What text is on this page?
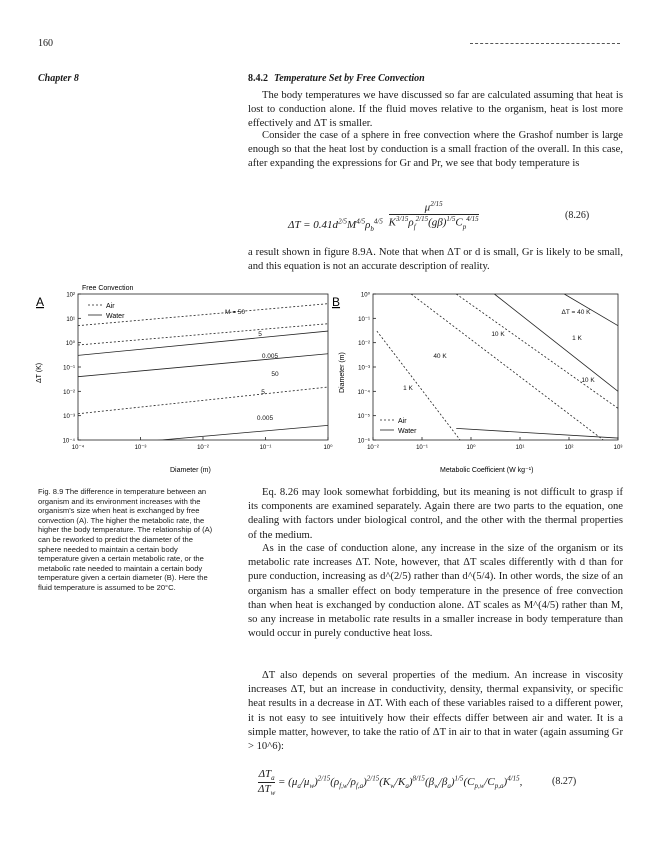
160
Chapter 8	8.4.2 Temperature Set by Free Convection

The body temperatures we have discussed so far are calculated assuming that heat is lost to conduction alone. If the fluid moves relative to the organism, heat is lost more effectively and ΔT is smaller.

Consider the case of a sphere in free convection where the Grashof number is large enough so that the heat lost by conduction is a small fraction of the overall. In this case, after expanding the expressions for Gr and Pr, we see that body temperature is

$\Delta T = 0.41d^{2/5}M^{4/5}\rho_b^{4/5} \frac{\mu^{2/15}}{K^{3/15}\rho_f^{2/15}(g\beta)^{1/5}C_p^{4/15}}$	(8.26)

a result shown in figure 8.9A. Note that when ΔT or d is small, Gr is likely to be small, and this equation is not an accurate description of reality.

A
Free Convection
10²
10¹
10⁰
10⁻¹
10⁻²
10⁻³
10⁻⁴
10⁻⁴	10⁻³	10⁻²	10⁻¹	10⁰
M = 50
5
0.005
50
5
0.005
ΔT (K)
Diameter (m)
Air
Water
B	10⁰
10⁻¹
10⁻²
10⁻³
10⁻⁴
10⁻⁵
10⁻⁶
10⁻²	10⁻¹	10⁰	10¹	10²	10³
ΔT = 40 K
10 K
1 K
40 K
10 K
1 K
Diameter (m)
Metabolic Coefficient (W kg⁻¹)
Air
Water
Fig. 8.9 The difference in temperature between an organism and its environment increases with the organism's size when heat is exchanged by free convection (A). The higher the metabolic rate, the higher the body temperature. The relationship of (A) can be reworked to predict the diameter of the sphere needed to maintain a certain body temperature given a certain metabolic rate, or the metabolic rate needed to maintain a certain body temperature given a certain diameter (B). Here the fluid temperature is assumed to be 20°C.

Eq. 8.26 may look somewhat forbidding, but its meaning is not difficult to grasp if its components are examined separately. Again there are two parts to the equation, one dealing with factors under biological control, and the other with the thermal properties of the medium.

As in the case of conduction alone, any increase in the size of the organism or its metabolic rate increases ΔT. Note, however, that ΔT scales differently with d than for pure conduction, increasing as d^(2/5) rather than d^(5/4). In other words, the size of an organism has a smaller effect on body temperature in the presence of free convection than when heat is exchanged by conduction alone. ΔT scales as M^(4/5) rather than M, so any increase in metabolic rate results in a smaller increase in body temperature than would occur in purely conductive heat loss.

ΔT also depends on several properties of the medium. An increase in viscosity increases ΔT, but an increase in conductivity, density, thermal expansivity, or specific heat results in a decrease in ΔT. With each of these variables raised to a different power, it is not easy to see intuitively how their effects differ between air and water. It is a simple matter, however, to take the ratio of ΔT in air to that in water (again assuming Gr > 10^6):

$\Delta T_a$
$\Delta T_w$
= $(\mu_a/\mu_w)^{2/15}(\rho_{f,w}/\rho_{f,a})^{2/15}(K_w/K_a)^{8/15}(\beta_w/\beta_a)^{1/5}(C_{p,w}/C_{p,a})^{4/15}$,	(8.27)
